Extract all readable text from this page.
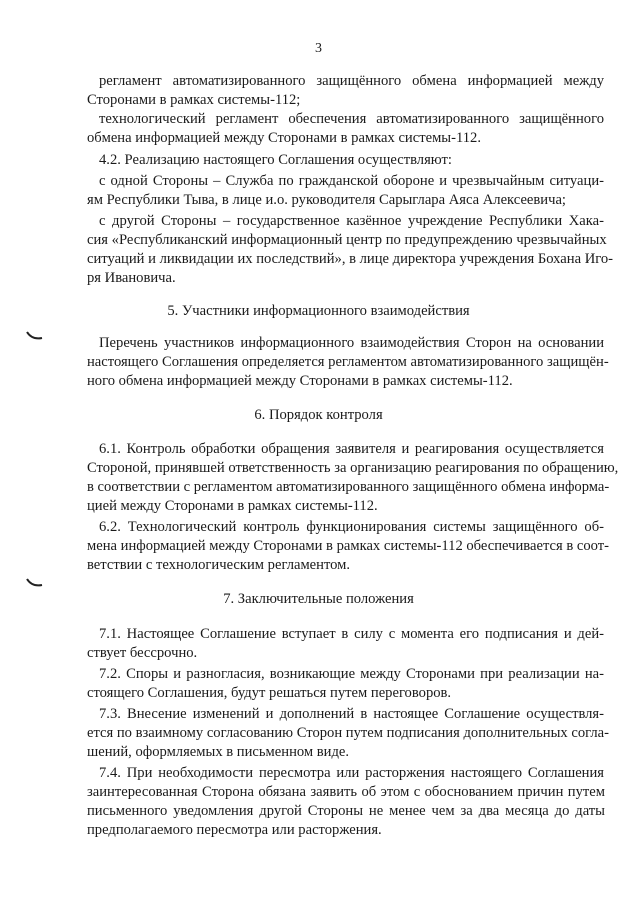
3
регламент автоматизированного защищённого обмена информацией между
Сторонами в рамках системы-112;
технологический регламент обеспечения автоматизированного защищённого
обмена информацией между Сторонами в рамках системы-112.
4.2. Реализацию настоящего Соглашения осуществляют:
с одной Стороны – Служба по гражданской обороне и чрезвычайным ситуаци-
ям Республики Тыва, в лице и.о. руководителя Сарыглара Аяса Алексеевича;
с другой Стороны – государственное казённое учреждение Республики Хака-
сия «Республиканский информационный центр по предупреждению чрезвычайных
ситуаций и ликвидации их последствий», в лице директора учреждения Бохана Иго-
ря Ивановича.
5. Участники информационного взаимодействия
Перечень участников информационного взаимодействия Сторон на основании
настоящего Соглашения определяется регламентом автоматизированного защищён-
ного обмена информацией между Сторонами в рамках системы-112.
6. Порядок контроля
6.1. Контроль обработки обращения заявителя и реагирования осуществляется
Стороной, принявшей ответственность за организацию реагирования по обращению,
в соответствии с регламентом автоматизированного защищённого обмена информа-
цией между Сторонами в рамках системы-112.
6.2. Технологический контроль функционирования системы защищённого об-
мена информацией между Сторонами в рамках системы-112 обеспечивается в соот-
ветствии с технологическим регламентом.
7. Заключительные положения
7.1. Настоящее Соглашение вступает в силу с момента его подписания и дей-
ствует бессрочно.
7.2. Споры и разногласия, возникающие между Сторонами при реализации на-
стоящего Соглашения, будут решаться путем переговоров.
7.3. Внесение изменений и дополнений в настоящее Соглашение осуществля-
ется по взаимному согласованию Сторон путем подписания дополнительных согла-
шений, оформляемых в письменном виде.
7.4. При необходимости пересмотра или расторжения настоящего Соглашения
заинтересованная Сторона обязана заявить об этом с обоснованием причин путем
письменного уведомления другой Стороны не менее чем за два месяца до даты
предполагаемого пересмотра или расторжения.
